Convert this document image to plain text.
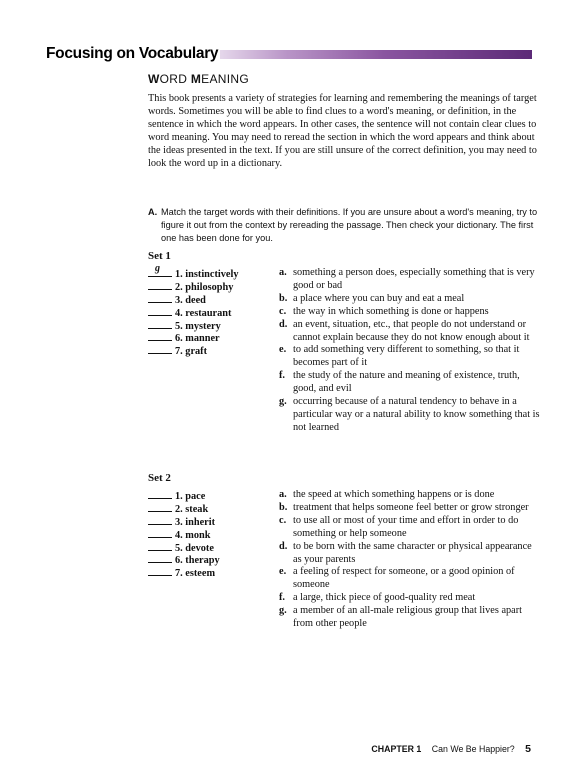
Focusing on Vocabulary
WORD MEANING
This book presents a variety of strategies for learning and remembering the meanings of target words. Sometimes you will be able to find clues to a word's meaning, or definition, in the sentence in which the word appears. In other cases, the sentence will not contain clear clues to word meaning. You may need to reread the section in which the word appears and think about the ideas presented in the text. If you are still unsure of the correct definition, you may need to look the word up in a dictionary.
A. Match the target words with their definitions. If you are unsure about a word's meaning, try to figure it out from the context by rereading the passage. Then check your dictionary. The first one has been done for you.
Set 1
g
1. instinctively
2. philosophy
3. deed
4. restaurant
5. mystery
6. manner
7. graft
a. something a person does, especially something that is very good or bad
b. a place where you can buy and eat a meal
c. the way in which something is done or happens
d. an event, situation, etc., that people do not understand or cannot explain because they do not know enough about it
e. to add something very different to something, so that it becomes part of it
f. the study of the nature and meaning of existence, truth, good, and evil
g. occurring because of a natural tendency to behave in a particular way or a natural ability to know something that is not learned
Set 2
1. pace
2. steak
3. inherit
4. monk
5. devote
6. therapy
7. esteem
a. the speed at which something happens or is done
b. treatment that helps someone feel better or grow stronger
c. to use all or most of your time and effort in order to do something or help someone
d. to be born with the same character or physical appearance as your parents
e. a feeling of respect for someone, or a good opinion of someone
f. a large, thick piece of good-quality red meat
g. a member of an all-male religious group that lives apart from other people
CHAPTER 1 Can We Be Happier? 5
